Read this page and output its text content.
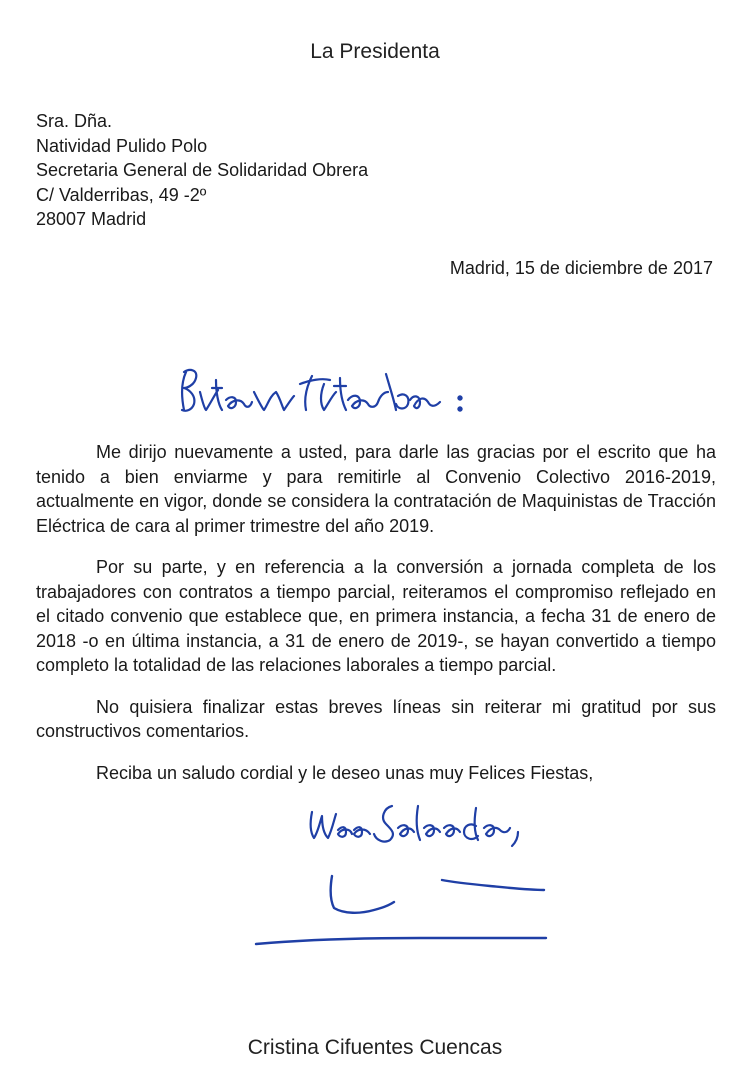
La Presidenta
Sra. Dña.
Natividad Pulido Polo
Secretaria General de Solidaridad Obrera
C/ Valderribas, 49 -2º
28007 Madrid
Madrid, 15 de diciembre de 2017

Me dirijo nuevamente a usted, para darle las gracias por el escrito que ha tenido a bien enviarme y para remitirle al Convenio Colectivo 2016-2019, actualmente en vigor, donde se considera la contratación de Maquinistas de Tracción Eléctrica de cara al primer trimestre del año 2019.

Por su parte, y en referencia a la conversión a jornada completa de los trabajadores con contratos a tiempo parcial, reiteramos el compromiso reflejado en el citado convenio que establece que, en primera instancia, a fecha 31 de enero de 2018 -o en última instancia, a 31 de enero de 2019-, se hayan convertido a tiempo completo la totalidad de las relaciones laborales a tiempo parcial.

No quisiera finalizar estas breves líneas sin reiterar mi gratitud por sus constructivos comentarios.

Reciba un saludo cordial y le deseo unas muy Felices Fiestas,

Cristina Cifuentes Cuencas
